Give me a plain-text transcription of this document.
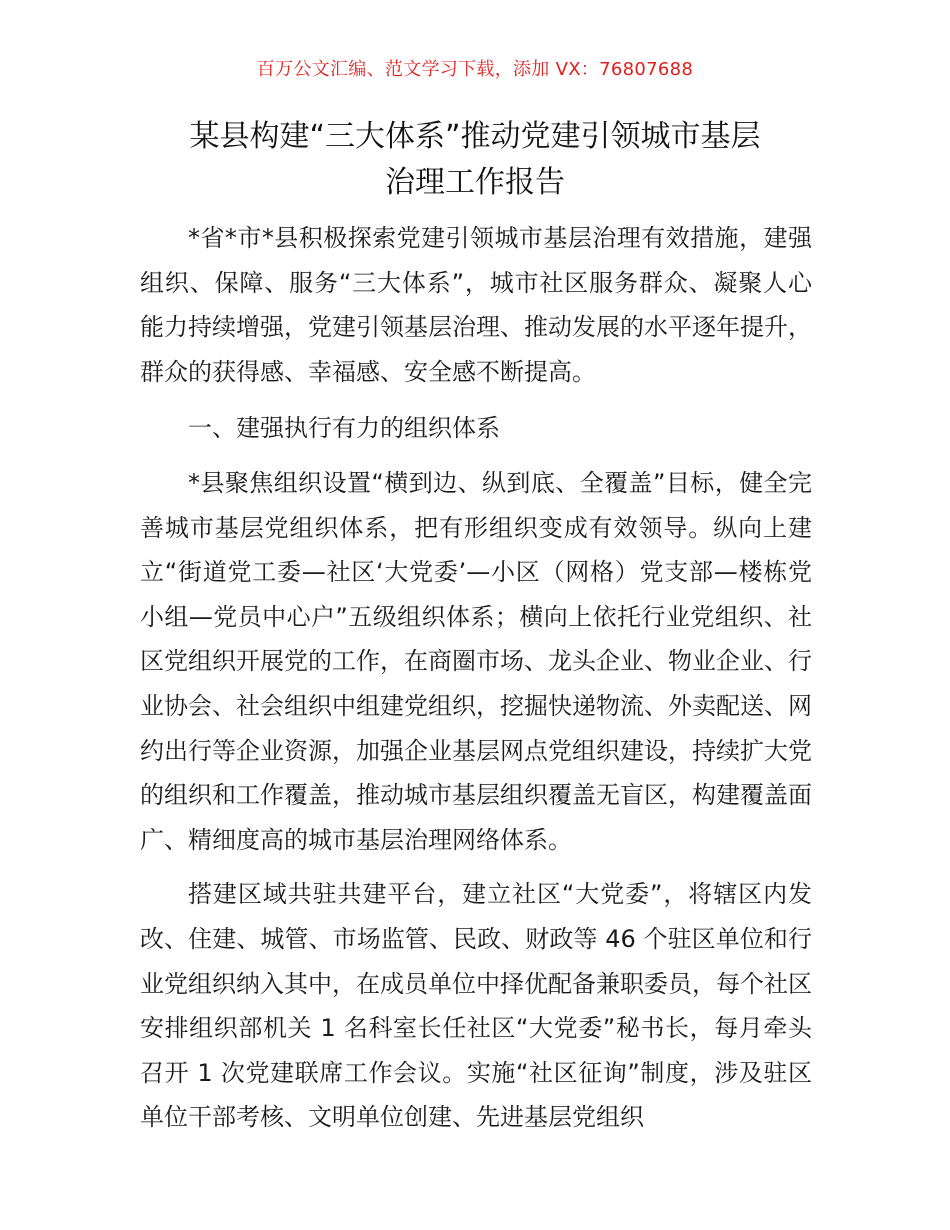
百万公文汇编、范文学习下载，添加 VX：76807688
某县构建“三大体系”推动党建引领城市基层
治理工作报告

*省*市*县积极探索党建引领城市基层治理有效措施，建强组织、保障、服务“三大体系”，城市社区服务群众、凝聚人心能力持续增强，党建引领基层治理、推动发展的水平逐年提升，群众的获得感、幸福感、安全感不断提高。

一、建强执行有力的组织体系

*县聚焦组织设置“横到边、纵到底、全覆盖”目标，健全完善城市基层党组织体系，把有形组织变成有效领导。纵向上建立“街道党工委—社区‘大党委’—小区（网格）党支部—楼栋党小组—党员中心户”五级组织体系；横向上依托行业党组织、社区党组织开展党的工作，在商圈市场、龙头企业、物业企业、行业协会、社会组织中组建党组织，挖掘快递物流、外卖配送、网约出行等企业资源，加强企业基层网点党组织建设，持续扩大党的组织和工作覆盖，推动城市基层组织覆盖无盲区，构建覆盖面广、精细度高的城市基层治理网络体系。

搭建区域共驻共建平台，建立社区“大党委”，将辖区内发改、住建、城管、市场监管、民政、财政等 46 个驻区单位和行业党组织纳入其中，在成员单位中择优配备兼职委员，每个社区安排组织部机关 1 名科室长任社区“大党委”秘书长，每月牵头召开 1 次党建联席工作会议。实施“社区征询”制度，涉及驻区单位干部考核、文明单位创建、先进基层党组织
